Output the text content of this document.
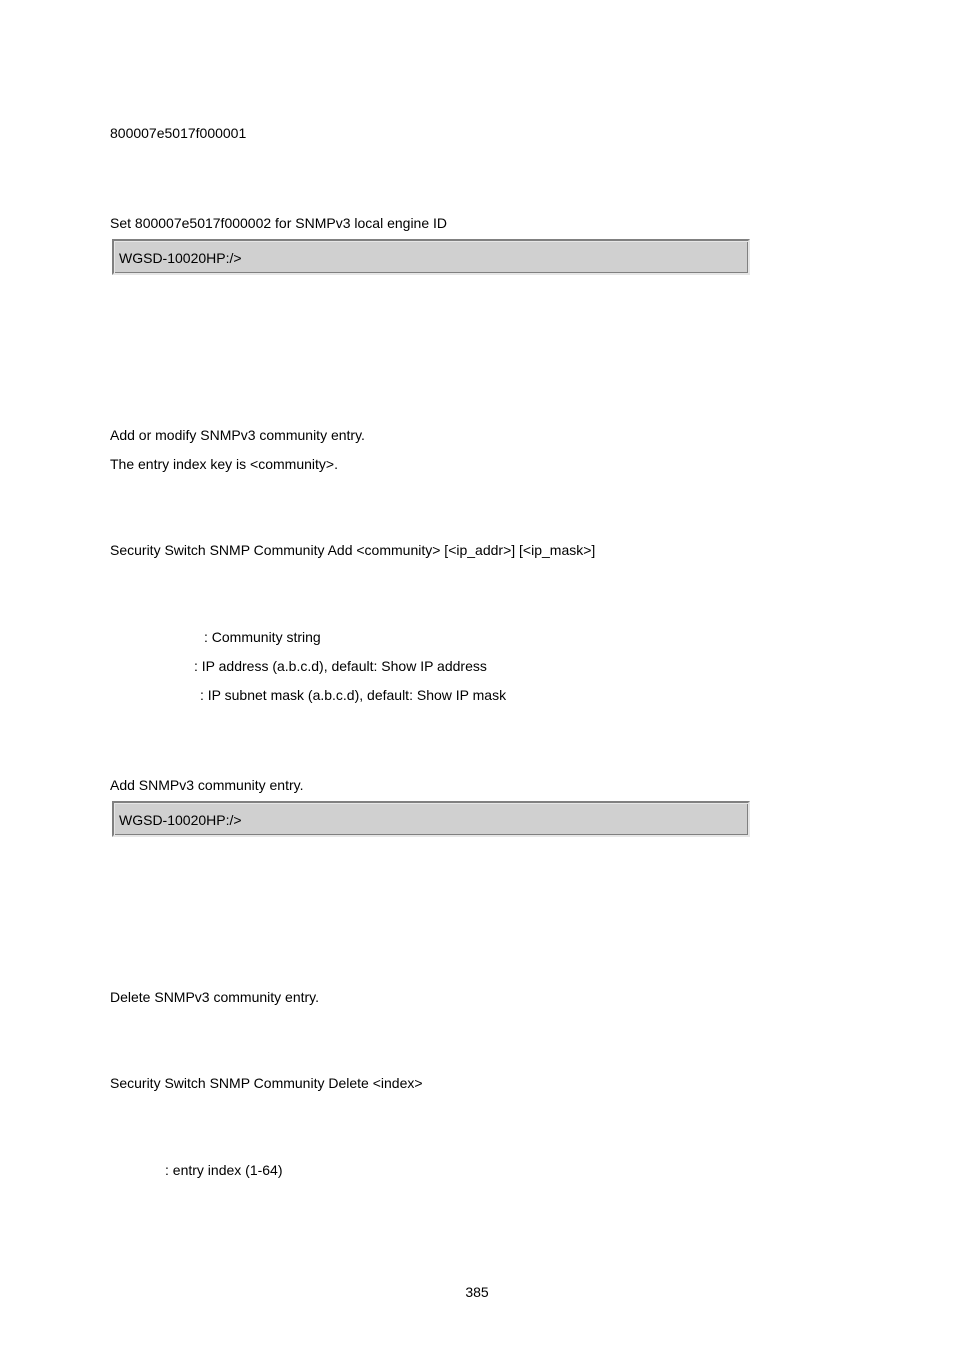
800007e5017f000001
Set 800007e5017f000002 for SNMPv3 local engine ID
WGSD-10020HP:/>
Add or modify SNMPv3 community entry.
The entry index key is <community>.
Security Switch SNMP Community Add <community> [<ip_addr>] [<ip_mask>]
: Community string
: IP address (a.b.c.d), default: Show IP address
: IP subnet mask (a.b.c.d), default: Show IP mask
Add SNMPv3 community entry.
WGSD-10020HP:/>
Delete SNMPv3 community entry.
Security Switch SNMP Community Delete <index>
: entry index (1-64)
385
